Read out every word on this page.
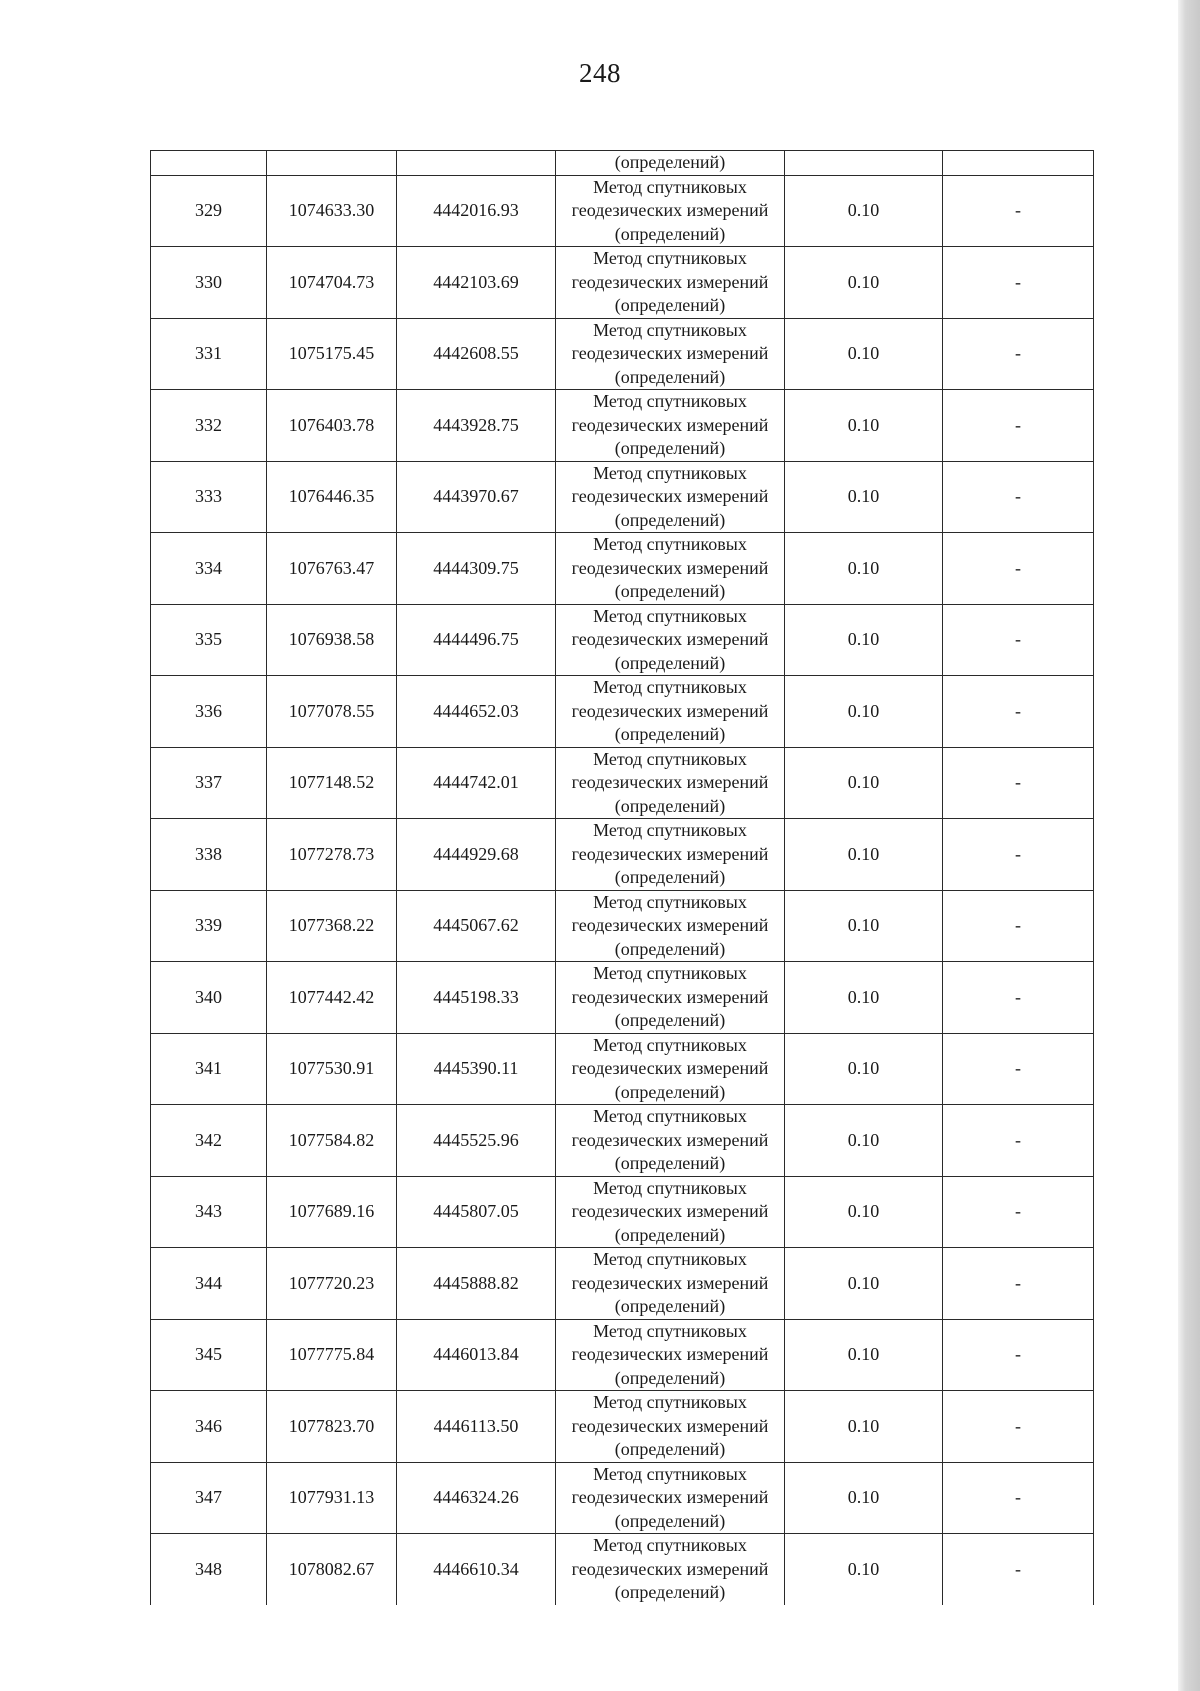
248
			(определений)		
329	1074633.30	4442016.93	Метод спутниковых
геодезических измерений
(определений)	0.10	-
330	1074704.73	4442103.69	Метод спутниковых
геодезических измерений
(определений)	0.10	-
331	1075175.45	4442608.55	Метод спутниковых
геодезических измерений
(определений)	0.10	-
332	1076403.78	4443928.75	Метод спутниковых
геодезических измерений
(определений)	0.10	-
333	1076446.35	4443970.67	Метод спутниковых
геодезических измерений
(определений)	0.10	-
334	1076763.47	4444309.75	Метод спутниковых
геодезических измерений
(определений)	0.10	-
335	1076938.58	4444496.75	Метод спутниковых
геодезических измерений
(определений)	0.10	-
336	1077078.55	4444652.03	Метод спутниковых
геодезических измерений
(определений)	0.10	-
337	1077148.52	4444742.01	Метод спутниковых
геодезических измерений
(определений)	0.10	-
338	1077278.73	4444929.68	Метод спутниковых
геодезических измерений
(определений)	0.10	-
339	1077368.22	4445067.62	Метод спутниковых
геодезических измерений
(определений)	0.10	-
340	1077442.42	4445198.33	Метод спутниковых
геодезических измерений
(определений)	0.10	-
341	1077530.91	4445390.11	Метод спутниковых
геодезических измерений
(определений)	0.10	-
342	1077584.82	4445525.96	Метод спутниковых
геодезических измерений
(определений)	0.10	-
343	1077689.16	4445807.05	Метод спутниковых
геодезических измерений
(определений)	0.10	-
344	1077720.23	4445888.82	Метод спутниковых
геодезических измерений
(определений)	0.10	-
345	1077775.84	4446013.84	Метод спутниковых
геодезических измерений
(определений)	0.10	-
346	1077823.70	4446113.50	Метод спутниковых
геодезических измерений
(определений)	0.10	-
347	1077931.13	4446324.26	Метод спутниковых
геодезических измерений
(определений)	0.10	-
348	1078082.67	4446610.34	Метод спутниковых
геодезических измерений
(определений)	0.10	-
